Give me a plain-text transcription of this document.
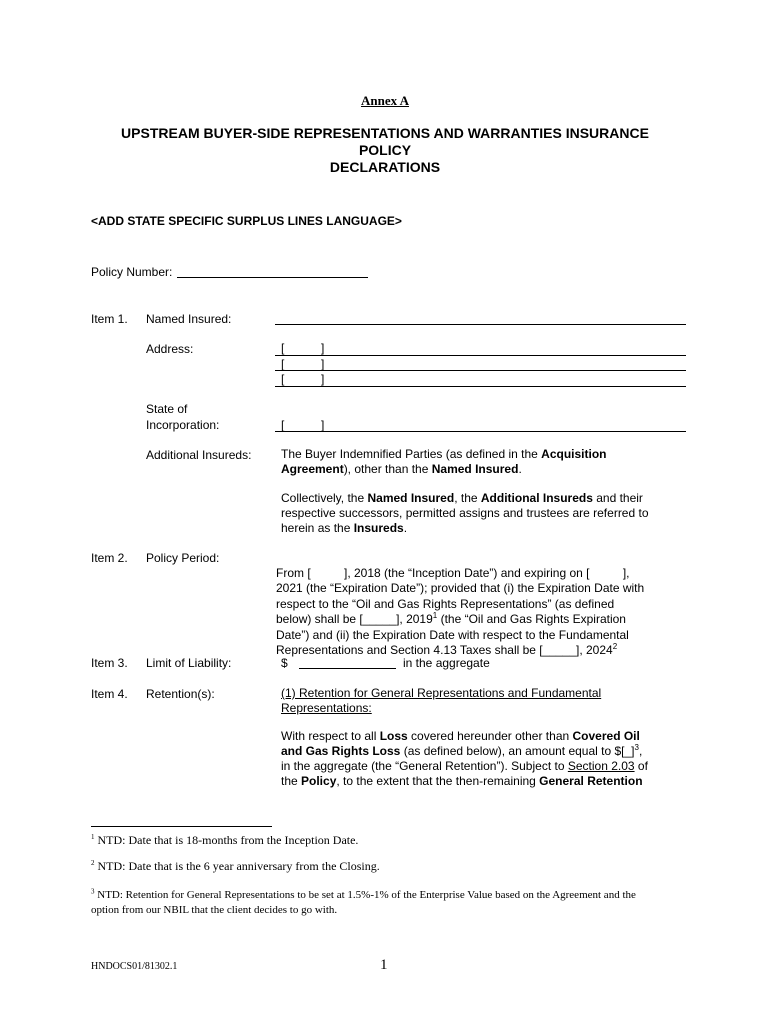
Annex A
UPSTREAM BUYER-SIDE REPRESENTATIONS AND WARRANTIES INSURANCE
POLICY
DECLARATIONS
<ADD STATE SPECIFIC SURPLUS LINES LANGUAGE>
Policy Number:
Item 1. Named Insured:
Address:	[	]
[	]
[	]
State of
Incorporation:	[	]
Additional Insureds: The Buyer Indemnified Parties (as defined in the Acquisition
Agreement), other than the Named Insured.
Collectively, the Named Insured, the Additional Insureds and their
respective successors, permitted assigns and trustees are referred to
herein as the Insureds.
Item 2. Policy Period:

From [          ], 2018 (the “Inception Date”) and expiring on [          ],
2021 (the “Expiration Date”); provided that (i) the Expiration Date with
respect to the “Oil and Gas Rights Representations” (as defined
below) shall be [_____], 2019$^1$ (the “Oil and Gas Rights Expiration
Date”) and (ii) the Expiration Date with respect to the Fundamental
Representations and Section 4.13 Taxes shall be [_____], 2024$^2$
Item 3. Limit of Liability:	$	in the aggregate
Item 4. Retention(s):	(1) Retention for General Representations and Fundamental
Representations:
With respect to all Loss covered hereunder other than Covered Oil
and Gas Rights Loss (as defined below), an amount equal to $[_]$^3$,
in the aggregate (the “General Retention”). Subject to Section 2.03 of
the Policy, to the extent that the then-remaining General Retention
$^1$ NTD: Date that is 18-months from the Inception Date.
$^2$ NTD: Date that is the 6 year anniversary from the Closing.
$^3$ NTD: Retention for General Representations to be set at 1.5%-1% of the Enterprise Value based on the Agreement and the
option from our NBIL that the client decides to go with.
HNDOCS01/81302.1	1
